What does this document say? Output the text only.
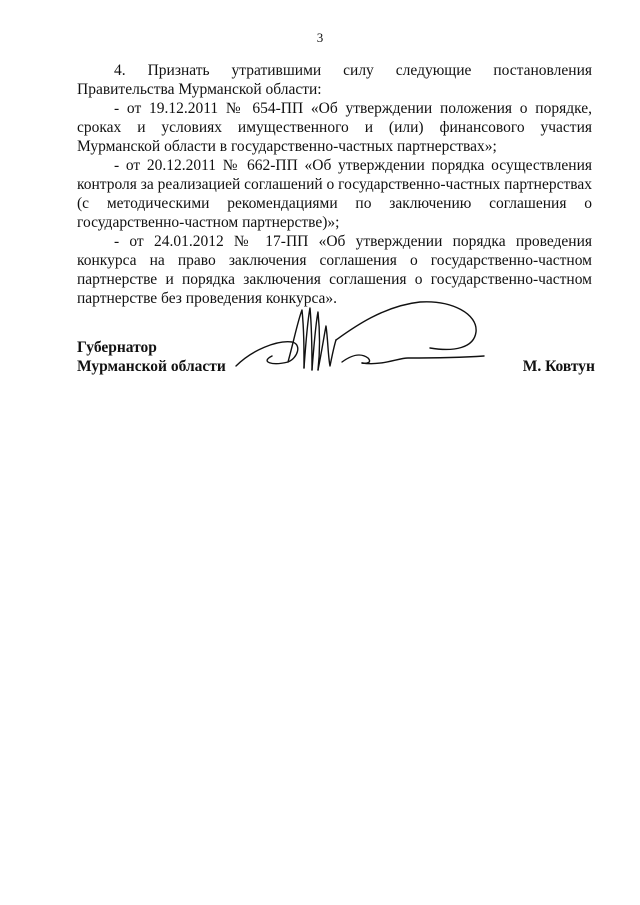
3

4. Признать утратившими силу следующие постановления Правительства Мурманской области:

- от 19.12.2011 № 654-ПП «Об утверждении положения о порядке, сроках и условиях имущественного и (или) финансового участия Мурманской области в государственно-частных партнерствах»;

- от 20.12.2011 № 662-ПП «Об утверждении порядка осуществления контроля за реализацией соглашений о государственно-частных партнерствах (с методическими рекомендациями по заключению соглашения о государственно-частном партнерстве)»;

- от 24.01.2012 № 17-ПП «Об утверждении порядка проведения конкурса на право заключения соглашения о государственно-частном партнерстве и порядка заключения соглашения о государственно-частном партнерстве без проведения конкурса».

Губернатор
Мурманской области	М. Ковтун
